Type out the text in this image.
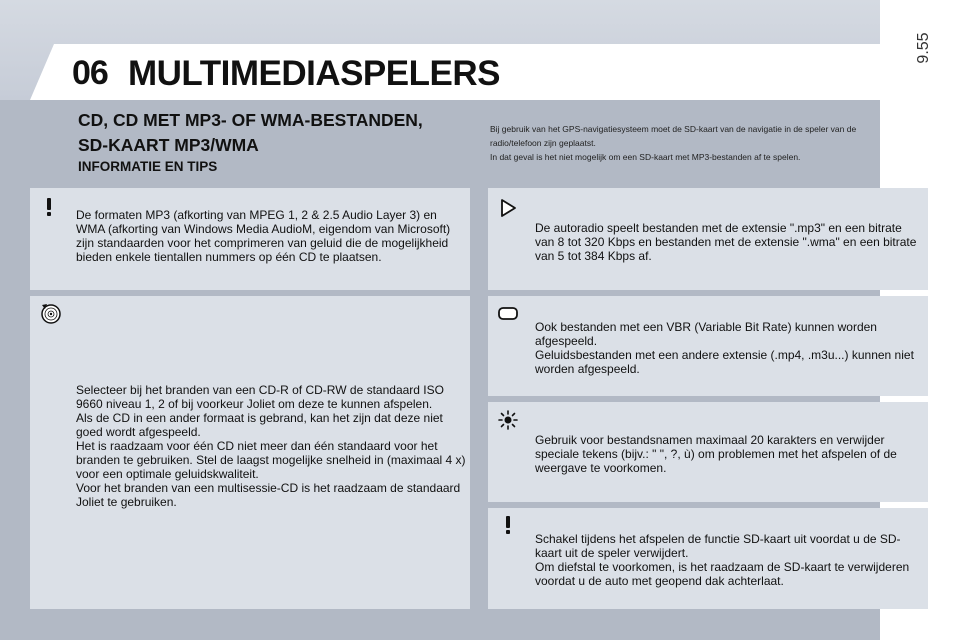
9.55
06 MULTIMEDIASPELERS
CD, CD MET MP3- OF WMA-BESTANDEN,
SD-KAART MP3/WMA
INFORMATIE EN TIPS

Bij gebruik van het GPS-navigatiesysteem moet de SD-kaart van de navigatie in de speler van de

radio/telefoon zijn geplaatst.

In dat geval is het niet mogelijk om een SD-kaart met MP3-bestanden af te spelen.

De formaten MP3 (afkorting van MPEG 1, 2 & 2.5 Audio Layer 3) en WMA (afkorting van Windows Media AudioM, eigendom van Microsoft) zijn standaarden voor het comprimeren van geluid die de mogelijkheid bieden enkele tientallen nummers op één CD te plaatsen.

Selecteer bij het branden van een CD-R of CD-RW de standaard ISO 9660 niveau 1, 2 of bij voorkeur Joliet om deze te kunnen afspelen.

Als de CD in een ander formaat is gebrand, kan het zijn dat deze niet goed wordt afgespeeld.

Het is raadzaam voor één CD niet meer dan één standaard voor het branden te gebruiken. Stel de laagst mogelijke snelheid in (maximaal 4 x) voor een optimale geluidskwaliteit.

Voor het branden van een multisessie-CD is het raadzaam de standaard Joliet te gebruiken.

De autoradio speelt bestanden met de extensie ".mp3" en een bitrate van 8 tot 320 Kbps en bestanden met de extensie ".wma" en een bitrate van 5 tot 384 Kbps af.

Ook bestanden met een VBR (Variable Bit Rate) kunnen worden afgespeeld.

Geluidsbestanden met een andere extensie (.mp4, .m3u...) kunnen niet worden afgespeeld.

Gebruik voor bestandsnamen maximaal 20 karakters en verwijder speciale tekens (bijv.: " ", ?, ù) om problemen met het afspelen of de weergave te voorkomen.

Schakel tijdens het afspelen de functie SD-kaart uit voordat u de SD-kaart uit de speler verwijdert.

Om diefstal te voorkomen, is het raadzaam de SD-kaart te verwijderen voordat u de auto met geopend dak achterlaat.
